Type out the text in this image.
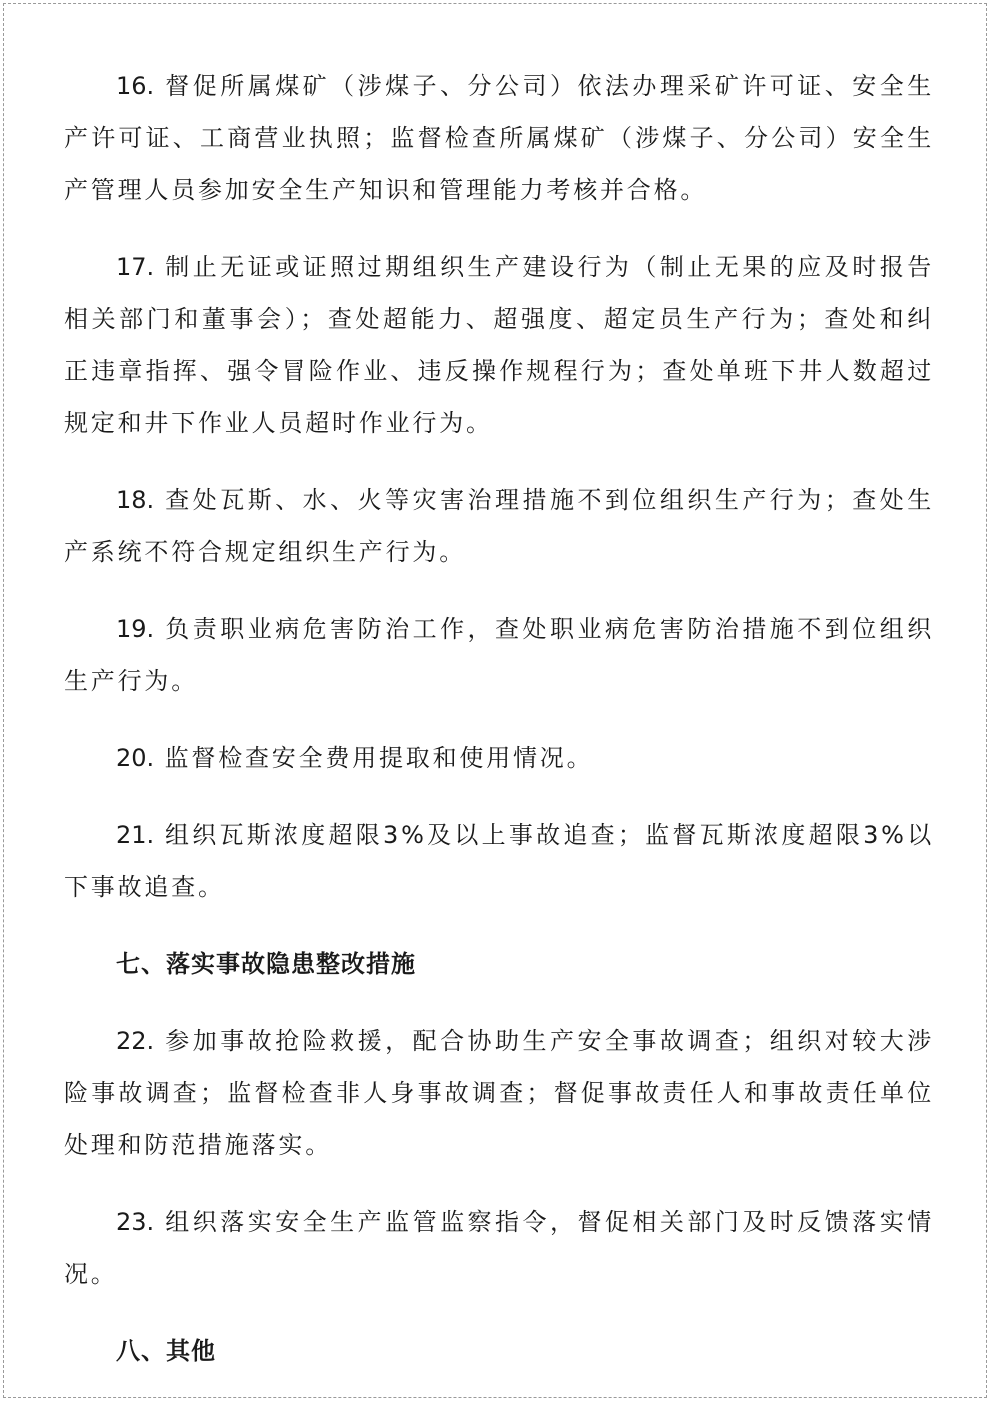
16. 督促所属煤矿（涉煤子、分公司）依法办理采矿许可证、安全生产许可证、工商营业执照；监督检查所属煤矿（涉煤子、分公司）安全生产管理人员参加安全生产知识和管理能力考核并合格。

17. 制止无证或证照过期组织生产建设行为（制止无果的应及时报告相关部门和董事会）；查处超能力、超强度、超定员生产行为；查处和纠正违章指挥、强令冒险作业、违反操作规程行为；查处单班下井人数超过规定和井下作业人员超时作业行为。

18. 查处瓦斯、水、火等灾害治理措施不到位组织生产行为；查处生产系统不符合规定组织生产行为。

19. 负责职业病危害防治工作，查处职业病危害防治措施不到位组织生产行为。

20. 监督检查安全费用提取和使用情况。

21. 组织瓦斯浓度超限3%及以上事故追查；监督瓦斯浓度超限3%以下事故追查。

七、落实事故隐患整改措施

22. 参加事故抢险救援，配合协助生产安全事故调查；组织对较大涉险事故调查；监督检查非人身事故调查；督促事故责任人和事故责任单位处理和防范措施落实。

23. 组织落实安全生产监管监察指令，督促相关部门及时反馈落实情况。

八、其他
